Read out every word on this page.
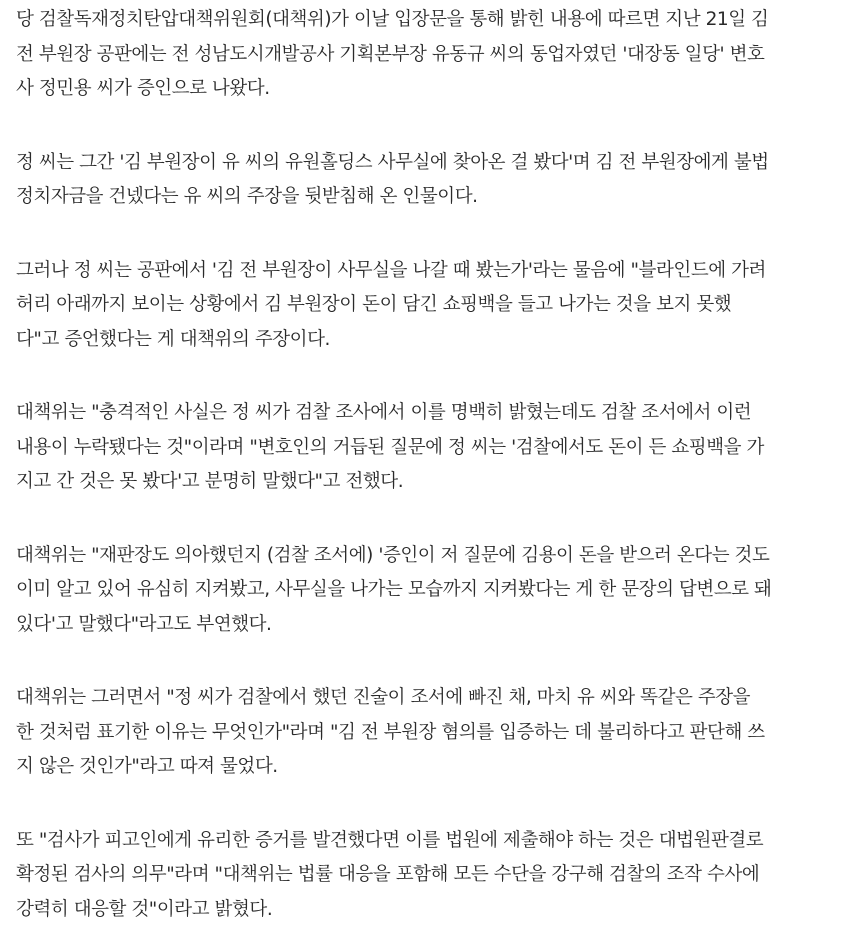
당 검찰독재정치탄압대책위원회(대책위)가 이날 입장문을 통해 밝힌 내용에 따르면 지난 21일 김
전 부원장 공판에는 전 성남도시개발공사 기획본부장 유동규 씨의 동업자였던 '대장동 일당' 변호
사 정민용 씨가 증인으로 나왔다.
정 씨는 그간 '김 부원장이 유 씨의 유원홀딩스 사무실에 찾아온 걸 봤다'며 김 전 부원장에게 불법
정치자금을 건넸다는 유 씨의 주장을 뒷받침해 온 인물이다.
그러나 정 씨는 공판에서 '김 전 부원장이 사무실을 나갈 때 봤는가'라는 물음에 "블라인드에 가려
허리 아래까지 보이는 상황에서 김 부원장이 돈이 담긴 쇼핑백을 들고 나가는 것을 보지 못했
다"고 증언했다는 게 대책위의 주장이다.
대책위는 "충격적인 사실은 정 씨가 검찰 조사에서 이를 명백히 밝혔는데도 검찰 조서에서 이런
내용이 누락됐다는 것"이라며 "변호인의 거듭된 질문에 정 씨는 '검찰에서도 돈이 든 쇼핑백을 가
지고 간 것은 못 봤다'고 분명히 말했다"고 전했다.
대책위는 "재판장도 의아했던지 (검찰 조서에) '증인이 저 질문에 김용이 돈을 받으러 온다는 것도
이미 알고 있어 유심히 지켜봤고, 사무실을 나가는 모습까지 지켜봤다는 게 한 문장의 답변으로 돼
있다'고 말했다"라고도 부연했다.
대책위는 그러면서 "정 씨가 검찰에서 했던 진술이 조서에 빠진 채, 마치 유 씨와 똑같은 주장을
한 것처럼 표기한 이유는 무엇인가"라며 "김 전 부원장 혐의를 입증하는 데 불리하다고 판단해 쓰
지 않은 것인가"라고 따져 물었다.
또 "검사가 피고인에게 유리한 증거를 발견했다면 이를 법원에 제출해야 하는 것은 대법원판결로
확정된 검사의 의무"라며 "대책위는 법률 대응을 포함해 모든 수단을 강구해 검찰의 조작 수사에
강력히 대응할 것"이라고 밝혔다.
